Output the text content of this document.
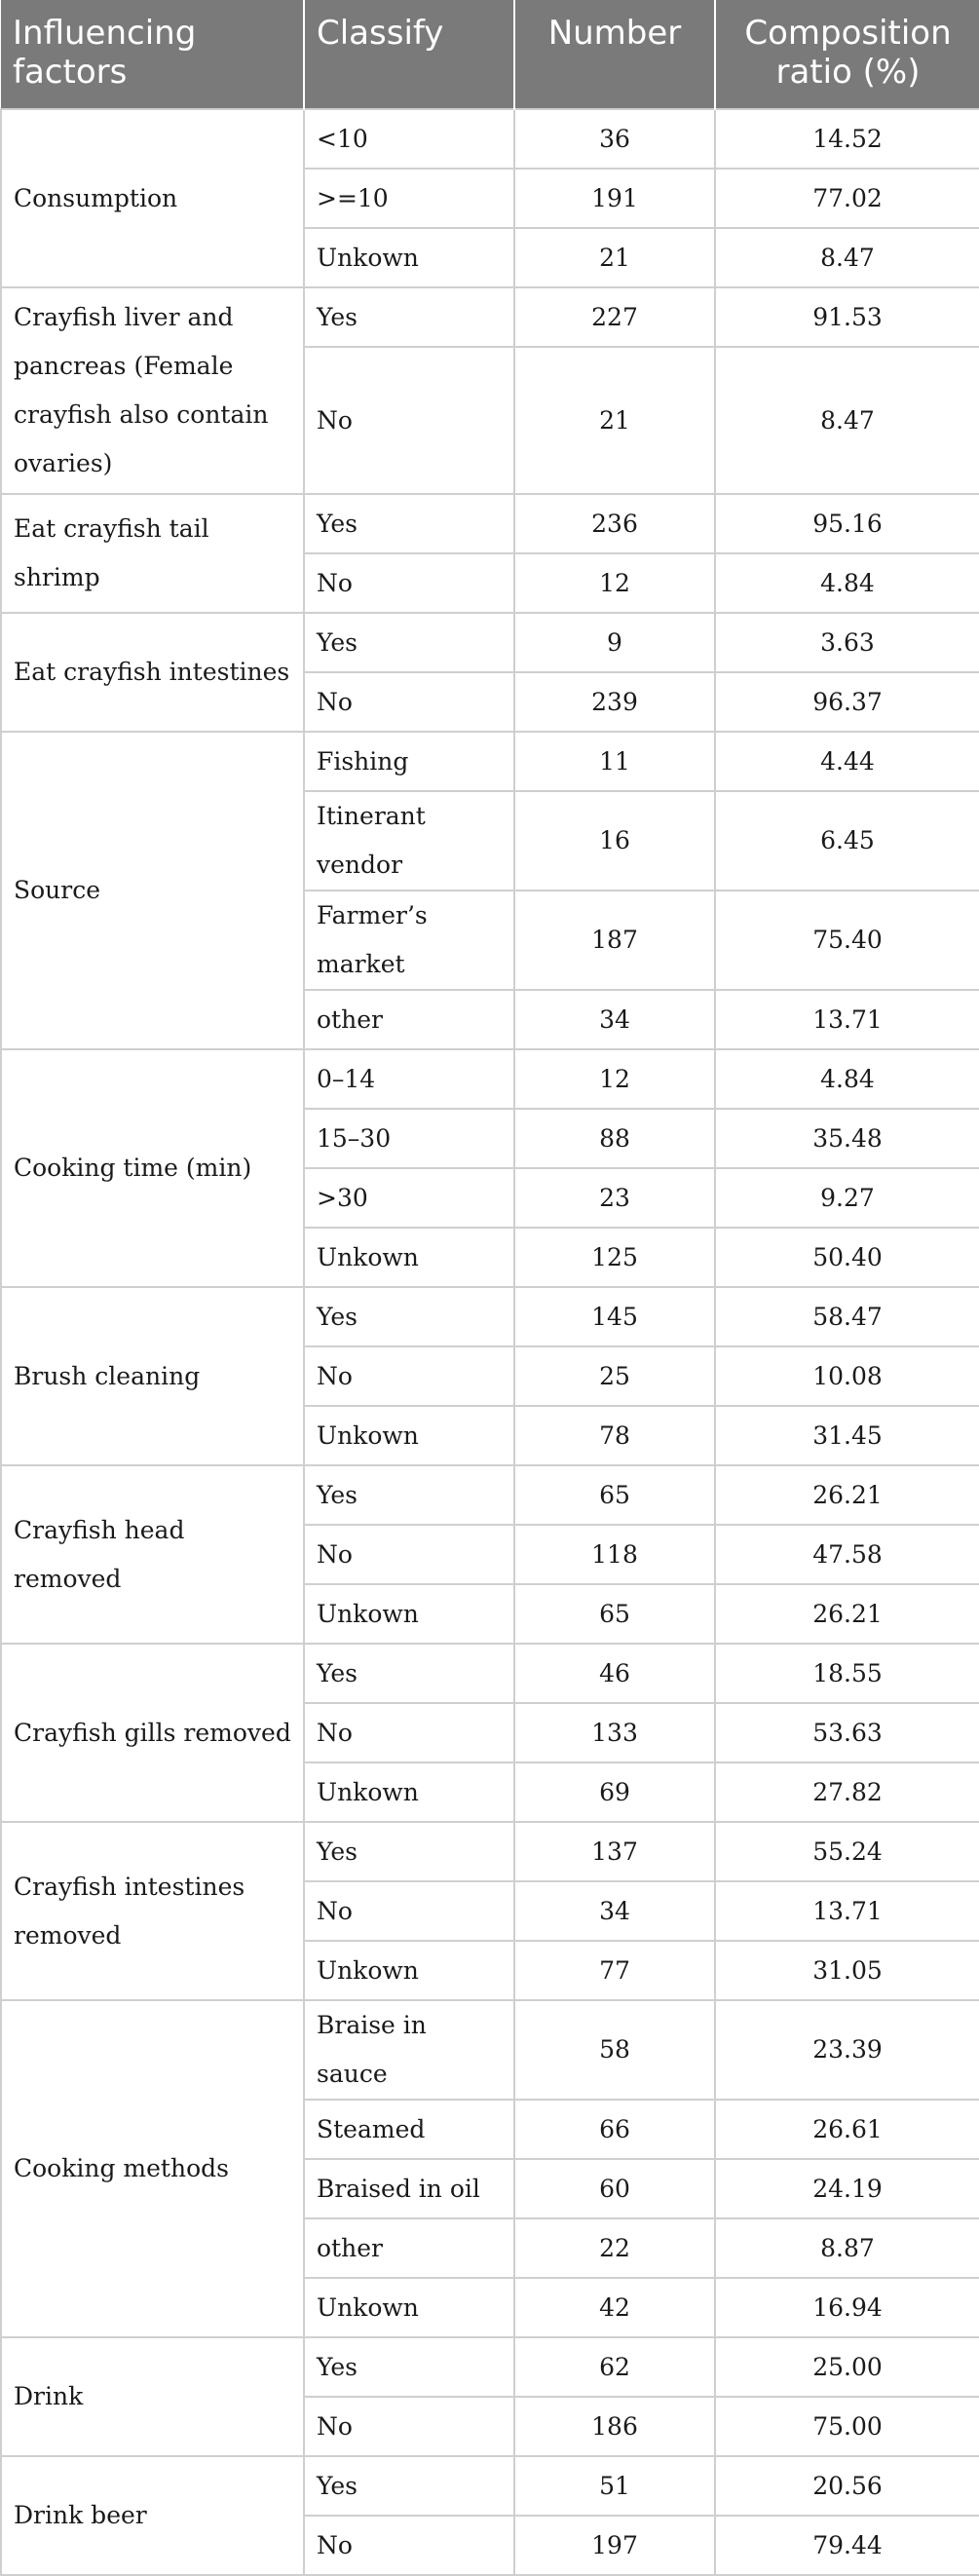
Influencing factors	Classify	Number	Composition ratio (%)
Consumption	<10	36	14.52
	>=10	191	77.02
	Unkown	21	8.47
Crayfish liver and pancreas (Female crayfish also contain ovaries)	Yes	227	91.53
	No	21	8.47
Eat crayfish tail shrimp	Yes	236	95.16
	No	12	4.84
Eat crayfish intestines	Yes	9	3.63
	No	239	96.37
Source	Fishing	11	4.44
	Itinerant vendor	16	6.45
	Farmer’s market	187	75.40
	other	34	13.71
Cooking time (min)	0–14	12	4.84
	15–30	88	35.48
	>30	23	9.27
	Unkown	125	50.40
Brush cleaning	Yes	145	58.47
	No	25	10.08
	Unkown	78	31.45
Crayfish head removed	Yes	65	26.21
	No	118	47.58
	Unkown	65	26.21
Crayfish gills removed	Yes	46	18.55
	No	133	53.63
	Unkown	69	27.82
Crayfish intestines removed	Yes	137	55.24
	No	34	13.71
	Unkown	77	31.05
Cooking methods	Braise in sauce	58	23.39
	Steamed	66	26.61
	Braised in oil	60	24.19
	other	22	8.87
	Unkown	42	16.94
Drink	Yes	62	25.00
	No	186	75.00
Drink beer	Yes	51	20.56
	No	197	79.44
